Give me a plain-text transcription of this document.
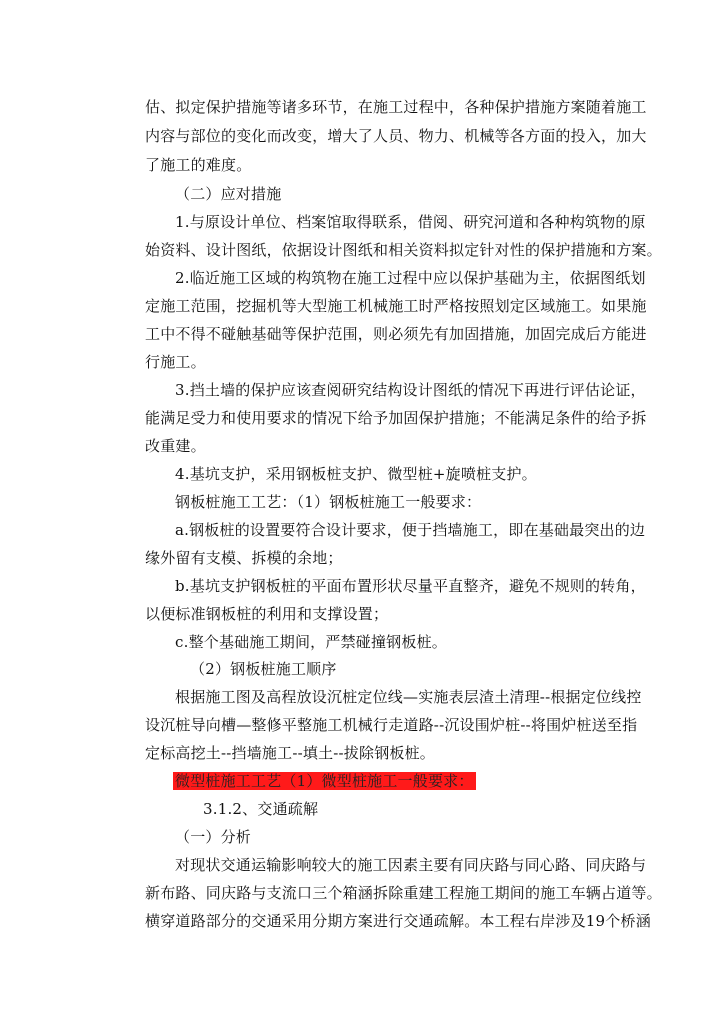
估、拟定保护措施等诸多环节，在施工过程中，各种保护措施方案随着施工
内容与部位的变化而改变，增大了人员、物力、机械等各方面的投入，加大
了施工的难度。
（二）应对措施
1.与原设计单位、档案馆取得联系，借阅、研究河道和各种构筑物的原
始资料、设计图纸，依据设计图纸和相关资料拟定针对性的保护措施和方案。
2.临近施工区域的构筑物在施工过程中应以保护基础为主，依据图纸划
定施工范围，挖掘机等大型施工机械施工时严格按照划定区域施工。如果施
工中不得不碰触基础等保护范围，则必须先有加固措施，加固完成后方能进
行施工。
3.挡土墙的保护应该查阅研究结构设计图纸的情况下再进行评估论证，
能满足受力和使用要求的情况下给予加固保护措施；不能满足条件的给予拆
改重建。
4.基坑支护，采用钢板桩支护、微型桩+旋喷桩支护。
钢板桩施工工艺：（1）钢板桩施工一般要求：
a.钢板桩的设置要符合设计要求，便于挡墙施工，即在基础最突出的边
缘外留有支模、拆模的余地；
b.基坑支护钢板桩的平面布置形状尽量平直整齐，避免不规则的转角，
以便标准钢板桩的利用和支撑设置；
c.整个基础施工期间，严禁碰撞钢板桩。
（2）钢板桩施工顺序
根据施工图及高程放设沉桩定位线—实施表层渣土清理--根据定位线控
设沉桩导向槽—整修平整施工机械行走道路--沉设围炉桩--将围炉桩送至指
定标高挖土--挡墙施工--填土--拔除钢板桩。
微型桩施工工艺（1）微型桩施工一般要求：
3.1.2、交通疏解
（一）分析
对现状交通运输影响较大的施工因素主要有同庆路与同心路、同庆路与
新布路、同庆路与支流口三个箱涵拆除重建工程施工期间的施工车辆占道等。
横穿道路部分的交通采用分期方案进行交通疏解。本工程右岸涉及19个桥涵
